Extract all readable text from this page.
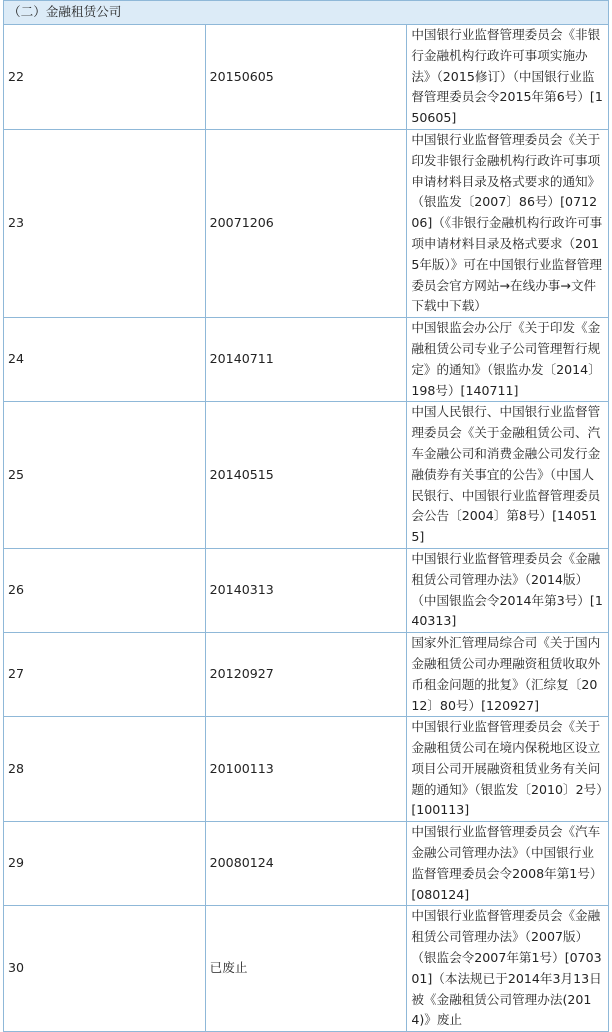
（二）金融租赁公司		
22	20150605	中国银行业监督管理委员会《非银行金融机构行政许可事项实施办法》（2015修订）（中国银行业监督管理委员会令2015年第6号）[150605]
23	20071206	中国银行业监督管理委员会《关于印发非银行金融机构行政许可事项申请材料目录及格式要求的通知》（银监发〔2007〕86号）[071206]（《非银行金融机构行政许可事项申请材料目录及格式要求（2015年版）》可在中国银行业监督管理委员会官方网站→在线办事→文件下载中下载）
24	20140711	中国银监会办公厅《关于印发《金融租赁公司专业子公司管理暂行规定》的通知》（银监办发〔2014〕198号）[140711]
25	20140515	中国人民银行、中国银行业监督管理委员会《关于金融租赁公司、汽车金融公司和消费金融公司发行金融债券有关事宜的公告》（中国人民银行、中国银行业监督管理委员会公告〔2004〕第8号）[140515]
26	20140313	中国银行业监督管理委员会《金融租赁公司管理办法》（2014版）（中国银监会令2014年第3号）[140313]
27	20120927	国家外汇管理局综合司《关于国内金融租赁公司办理融资租赁收取外币租金问题的批复》（汇综复〔2012〕80号）[120927]
28	20100113	中国银行业监督管理委员会《关于金融租赁公司在境内保税地区设立项目公司开展融资租赁业务有关问题的通知》（银监发〔2010〕2号）[100113]
29	20080124	中国银行业监督管理委员会《汽车金融公司管理办法》（中国银行业监督管理委员会令2008年第1号）[080124]
30	已废止	中国银行业监督管理委员会《金融租赁公司管理办法》（2007版）（银监会令2007年第1号）[070301]（本法规已于2014年3月13日被《金融租赁公司管理办法(2014)》废止
